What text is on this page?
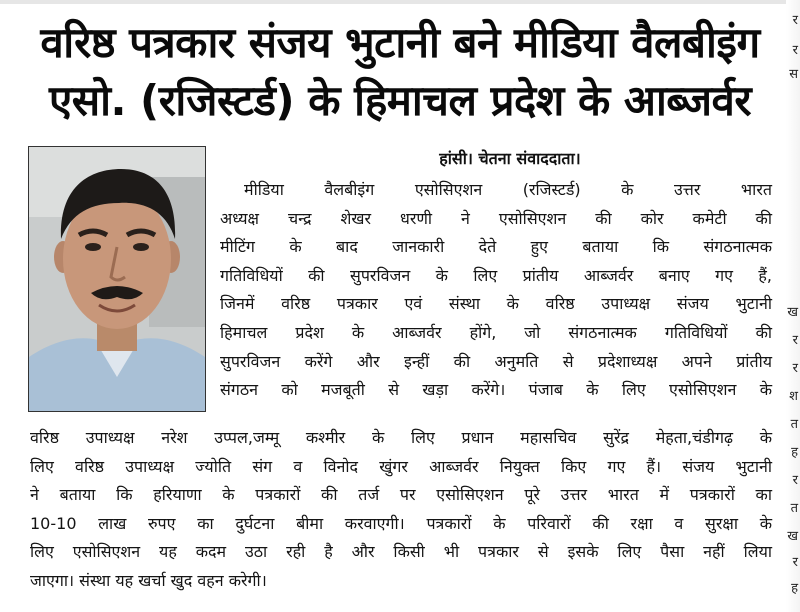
वरिष्ठ पत्रकार संजय भुटानी बने मीडिया वैलबीइंग
एसो. (रजिस्टर्ड) के हिमाचल प्रदेश के आब्जर्वर
हांसी। चेतना संवाददाता।
मीडिया वैलबीइंग एसोसिएशन (रजिस्टर्ड) के उत्तर भारत
अध्यक्ष चन्द्र शेखर धरणी ने एसोसिएशन की कोर कमेटी की
मीटिंग के बाद जानकारी देते हुए बताया कि संगठनात्मक
गतिविधियों की सुपरविजन के लिए प्रांतीय आब्जर्वर बनाए गए हैं,
जिनमें वरिष्ठ पत्रकार एवं संस्था के वरिष्ठ उपाध्यक्ष संजय भुटानी
हिमाचल प्रदेश के आब्जर्वर होंगे, जो संगठनात्मक गतिविधियों की
सुपरविजन करेंगे और इन्हीं की अनुमति से प्रदेशाध्यक्ष अपने प्रांतीय
संगठन को मजबूती से खड़ा करेंगे। पंजाब के लिए एसोसिएशन के
वरिष्ठ उपाध्यक्ष नरेश उप्पल,जम्मू कश्मीर के लिए प्रधान महासचिव सुरेंद्र मेहता,चंडीगढ़ के
लिए वरिष्ठ उपाध्यक्ष ज्योति संग व विनोद खुंगर आब्जर्वर नियुक्त किए गए हैं। संजय भुटानी
ने बताया कि हरियाणा के पत्रकारों की तर्ज पर एसोसिएशन पूरे उत्तर भारत में पत्रकारों का
10-10 लाख रुपए का दुर्घटना बीमा करवाएगी। पत्रकारों के परिवारों की रक्षा व सुरक्षा के
लिए एसोसिएशन यह कदम उठा रही है और किसी भी पत्रकार से इसके लिए पैसा नहीं लिया
जाएगा। संस्था यह खर्चा खुद वहन करेगी।
र
र
स
ख
र
र
श
त
ह
र
त
ख
र
ह
